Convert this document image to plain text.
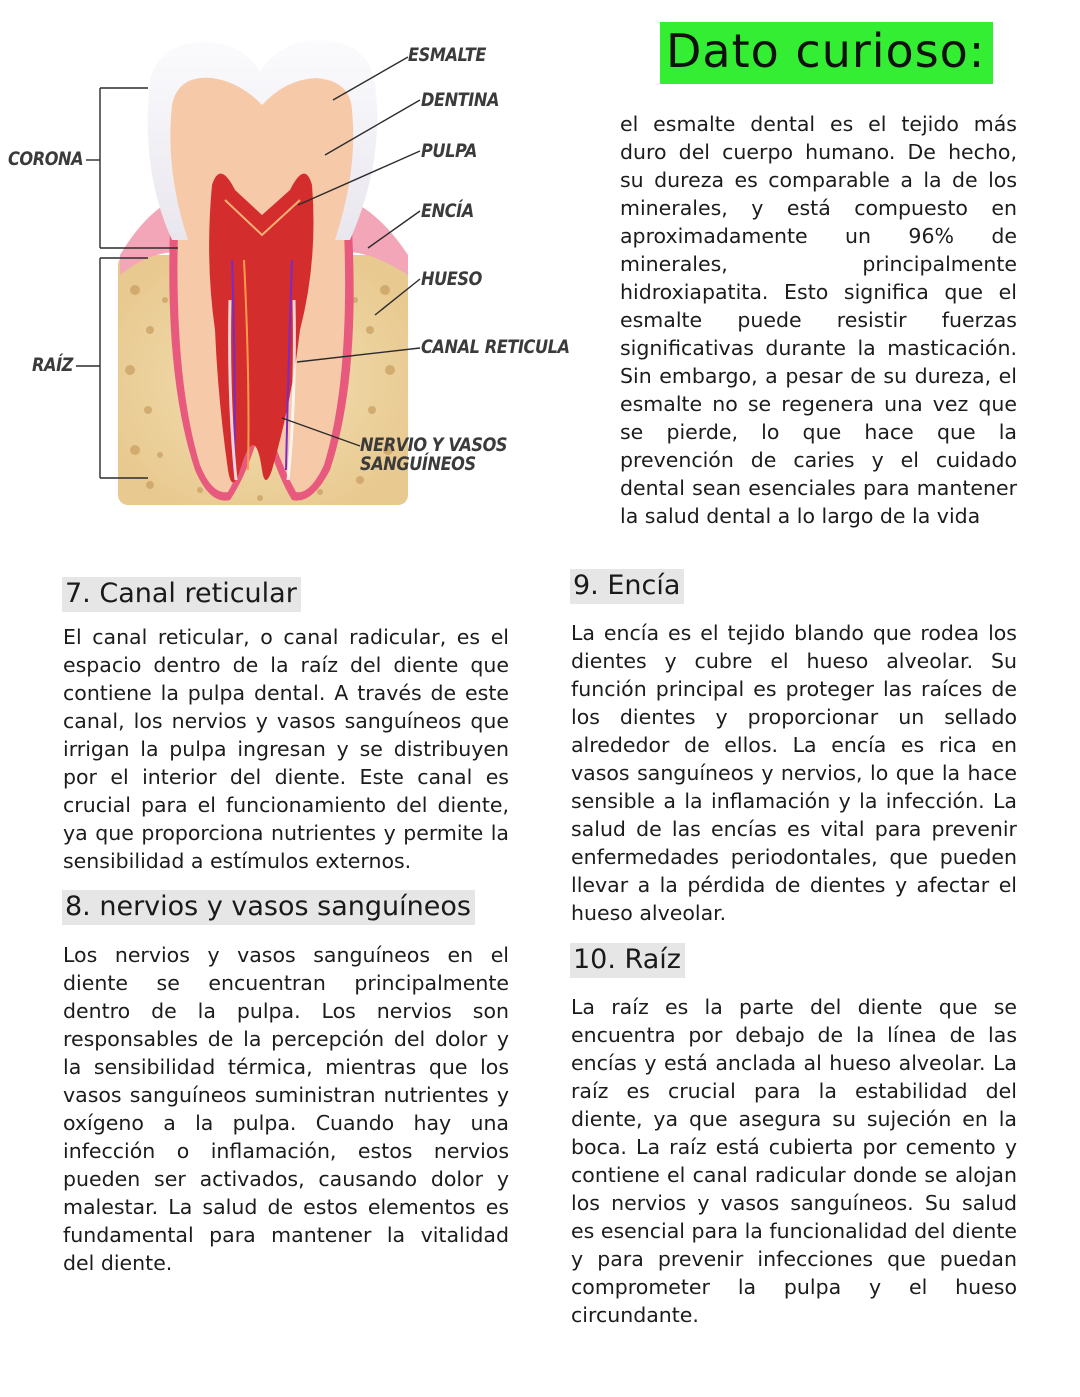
ESMALTE
DENTINA
PULPA
ENCÍA
HUESO
CANAL RETICULA
NERVIO Y VASOS
SANGUÍNEOS
CORONA
RAÍZ
Dato curioso:

el esmalte dental es el tejido más duro del cuerpo humano. De hecho, su dureza es comparable a la de los minerales, y está compuesto en aproximadamente un 96% de minerales, principalmente hidroxiapatita. Esto significa que el esmalte puede resistir fuerzas significativas durante la masticación. Sin embargo, a pesar de su dureza, el esmalte no se regenera una vez que se pierde, lo que hace que la prevención de caries y el cuidado dental sean esenciales para mantener la salud dental a lo largo de la vida

7. Canal reticular

El canal reticular, o canal radicular, es el espacio dentro de la raíz del diente que contiene la pulpa dental. A través de este canal, los nervios y vasos sanguíneos que irrigan la pulpa ingresan y se distribuyen por el interior del diente. Este canal es crucial para el funcionamiento del diente, ya que proporciona nutrientes y permite la sensibilidad a estímulos externos.

8. nervios y vasos sanguíneos

Los nervios y vasos sanguíneos en el diente se encuentran principalmente dentro de la pulpa. Los nervios son responsables de la percepción del dolor y la sensibilidad térmica, mientras que los vasos sanguíneos suministran nutrientes y oxígeno a la pulpa. Cuando hay una infección o inflamación, estos nervios pueden ser activados, causando dolor y malestar. La salud de estos elementos es fundamental para mantener la vitalidad del diente.

9. Encía

La encía es el tejido blando que rodea los dientes y cubre el hueso alveolar. Su función principal es proteger las raíces de los dientes y proporcionar un sellado alrededor de ellos. La encía es rica en vasos sanguíneos y nervios, lo que la hace sensible a la inflamación y la infección. La salud de las encías es vital para prevenir enfermedades periodontales, que pueden llevar a la pérdida de dientes y afectar el hueso alveolar.

10. Raíz

La raíz es la parte del diente que se encuentra por debajo de la línea de las encías y está anclada al hueso alveolar. La raíz es crucial para la estabilidad del diente, ya que asegura su sujeción en la boca. La raíz está cubierta por cemento y contiene el canal radicular donde se alojan los nervios y vasos sanguíneos. Su salud es esencial para la funcionalidad del diente y para prevenir infecciones que puedan comprometer la pulpa y el hueso circundante.
